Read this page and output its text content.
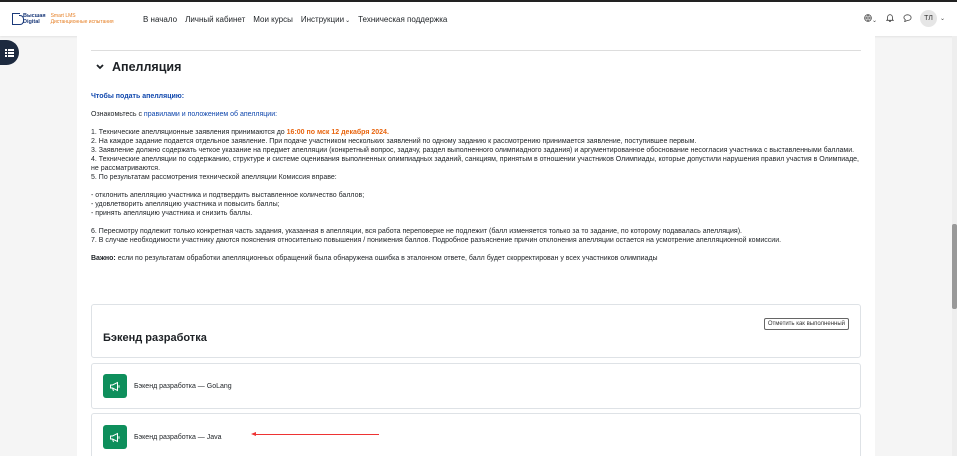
Высшая
Digital
Smart LMS
Дистанционные испытания	В начало Личный кабинет Мои курсы Инструкции⌄ Техническая поддержка	⌄	ТЛ ⌄
Апелляция
Чтобы подать апелляцию:
Ознакомьтесь с правилами и положением об апелляции:
1. Технические апелляционные заявления принимаются до 16:00 по мск 12 декабря 2024.
2. На каждое задание подается отдельное заявление. При подаче участником нескольких заявлений по одному заданию к рассмотрению принимается заявление, поступившее первым.
3. Заявление должно содержать четкое указание на предмет апелляции (конкретный вопрос, задачу, раздел выполненного олимпиадного задания) и аргументированное обоснование несогласия участника с выставленными баллами.
4. Технические апелляции по содержанию, структуре и системе оценивания выполненных олимпиадных заданий, санкциям, принятым в отношении участников Олимпиады, которые допустили нарушения правил участия в Олимпиаде, не рассматриваются.
5. По результатам рассмотрения технической апелляции Комиссия вправе:
- отклонить апелляцию участника и подтвердить выставленное количество баллов;
- удовлетворить апелляцию участника и повысить баллы;
- принять апелляцию участника и снизить баллы.
6. Пересмотру подлежит только конкретная часть задания, указанная в апелляции, вся работа переповерке не подлежит (балл изменяется только за то задание, по которому подавалась апелляция).
7. В случае необходимости участнику даются пояснения относительно повышения / понижения баллов. Подробное разъяснение причин отклонения апелляции остается на усмотрение апелляционной комиссии.
Важно: если по результатам обработки апелляционных обращений была обнаружена ошибка в эталонном ответе, балл будет скорректирован у всех участников олимпиады
Бэкенд разработка
Отметить как выполненный
Бэкенд разработка — GoLang
Бэкенд разработка — Java
